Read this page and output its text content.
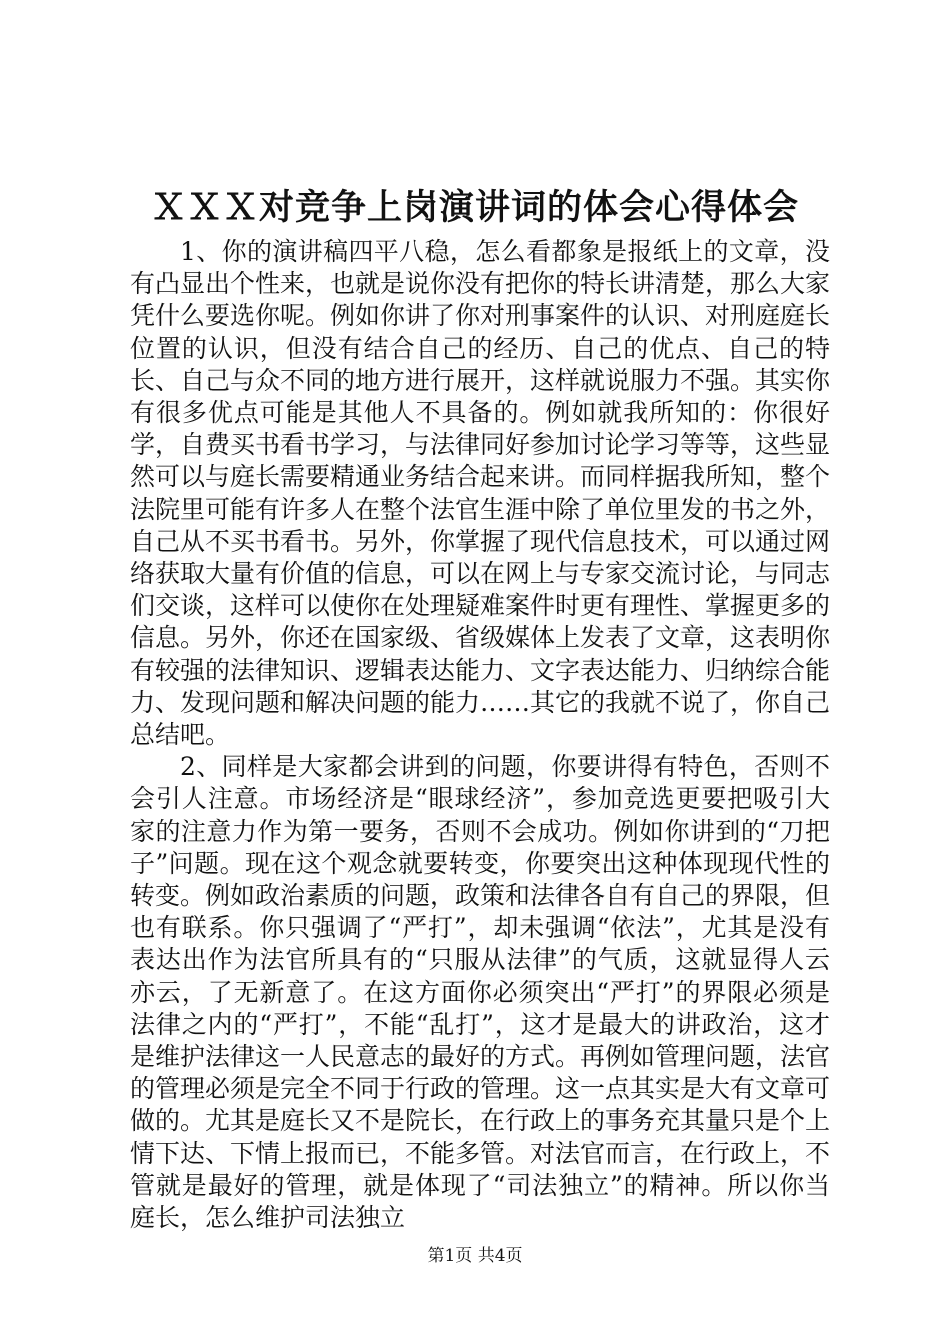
ＸＸＸ对竞争上岗演讲词的体会心得体会

1、你的演讲稿四平八稳，怎么看都象是报纸上的文章，没有凸显出个性来，也就是说你没有把你的特长讲清楚，那么大家凭什么要选你呢。例如你讲了你对刑事案件的认识、对刑庭庭长位置的认识，但没有结合自己的经历、自己的优点、自己的特长、自己与众不同的地方进行展开，这样就说服力不强。其实你有很多优点可能是其他人不具备的。例如就我所知的：你很好学，自费买书看书学习，与法律同好参加讨论学习等等，这些显然可以与庭长需要精通业务结合起来讲。而同样据我所知，整个法院里可能有许多人在整个法官生涯中除了单位里发的书之外，自己从不买书看书。另外，你掌握了现代信息技术，可以通过网络获取大量有价值的信息，可以在网上与专家交流讨论，与同志们交谈，这样可以使你在处理疑难案件时更有理性、掌握更多的信息。另外，你还在国家级、省级媒体上发表了文章，这表明你有较强的法律知识、逻辑表达能力、文字表达能力、归纳综合能力、发现问题和解决问题的能力……其它的我就不说了，你自己总结吧。

2、同样是大家都会讲到的问题，你要讲得有特色，否则不会引人注意。市场经济是“眼球经济”，参加竞选更要把吸引大家的注意力作为第一要务，否则不会成功。例如你讲到的“刀把子”问题。现在这个观念就要转变，你要突出这种体现现代性的转变。例如政治素质的问题，政策和法律各自有自己的界限，但也有联系。你只强调了“严打”，却未强调“依法”，尤其是没有表达出作为法官所具有的“只服从法律”的气质，这就显得人云亦云，了无新意了。在这方面你必须突出“严打”的界限必须是法律之内的“严打”，不能“乱打”，这才是最大的讲政治，这才是维护法律这一人民意志的最好的方式。再例如管理问题，法官的管理必须是完全不同于行政的管理。这一点其实是大有文章可做的。尤其是庭长又不是院长，在行政上的事务充其量只是个上情下达、下情上报而已，不能多管。对法官而言，在行政上，不管就是最好的管理，就是体现了“司法独立”的精神。所以你当庭长，怎么维护司法独立

第1页 共4页
